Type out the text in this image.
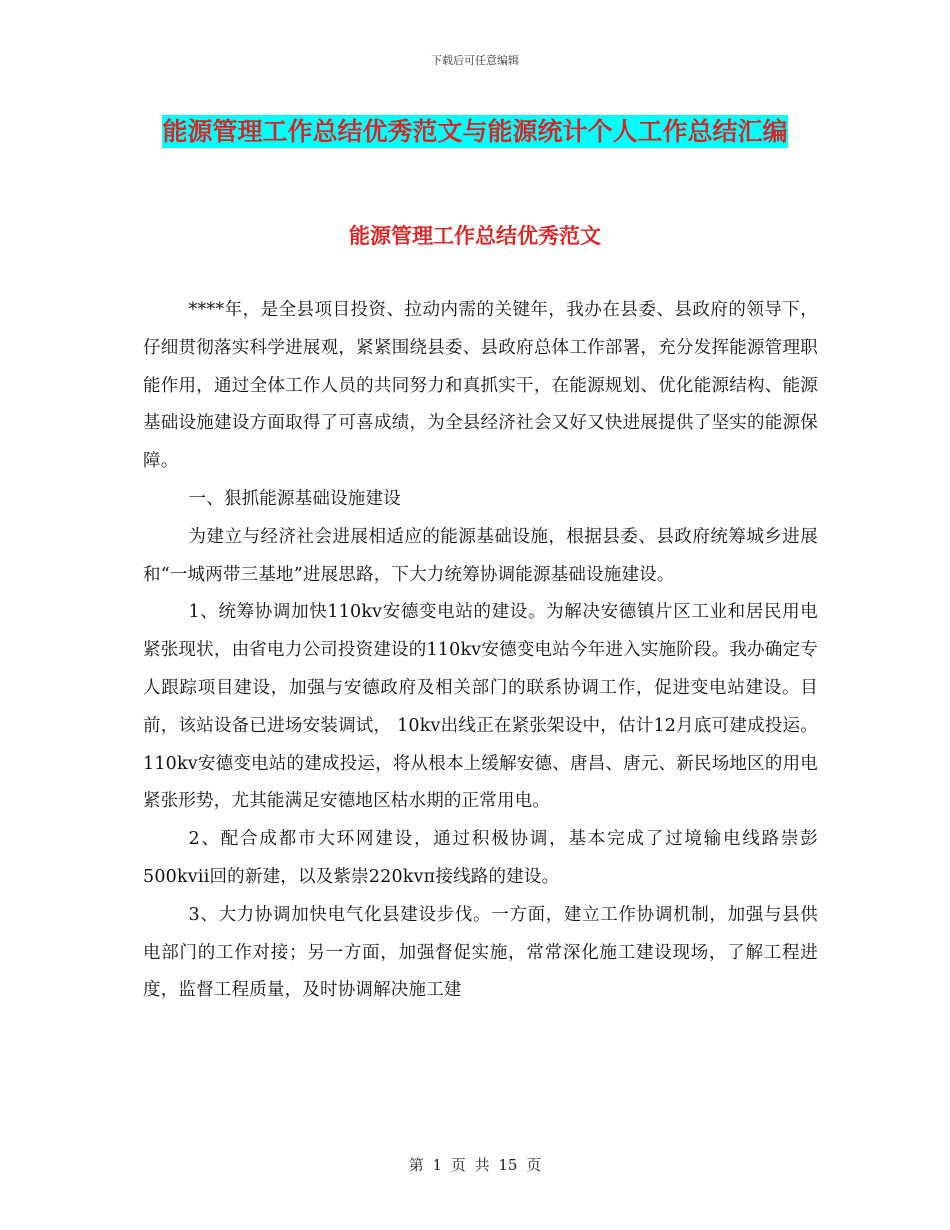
下载后可任意编辑
能源管理工作总结优秀范文与能源统计个人工作总结汇编
能源管理工作总结优秀范文

****年，是全县项目投资、拉动内需的关键年，我办在县委、县政府的领导下，仔细贯彻落实科学进展观，紧紧围绕县委、县政府总体工作部署，充分发挥能源管理职能作用，通过全体工作人员的共同努力和真抓实干，在能源规划、优化能源结构、能源基础设施建设方面取得了可喜成绩，为全县经济社会又好又快进展提供了坚实的能源保障。

一、狠抓能源基础设施建设

为建立与经济社会进展相适应的能源基础设施，根据县委、县政府统筹城乡进展和“一城两带三基地”进展思路，下大力统筹协调能源基础设施建设。

1、统筹协调加快110kv安德变电站的建设。为解决安德镇片区工业和居民用电紧张现状，由省电力公司投资建设的110kv安德变电站今年进入实施阶段。我办确定专人跟踪项目建设，加强与安德政府及相关部门的联系协调工作，促进变电站建设。目前，该站设备已进场安装调试， 10kv出线正在紧张架设中，估计12月底可建成投运。110kv安德变电站的建成投运，将从根本上缓解安德、唐昌、唐元、新民场地区的用电紧张形势，尤其能满足安德地区枯水期的正常用电。

2、配合成都市大环网建设，通过积极协调，基本完成了过境输电线路崇彭500kvii回的新建，以及紫崇220kvπ接线路的建设。

3、大力协调加快电气化县建设步伐。一方面，建立工作协调机制，加强与县供电部门的工作对接；另一方面，加强督促实施，常常深化施工建设现场，了解工程进度，监督工程质量，及时协调解决施工建

第 1 页 共 15 页
